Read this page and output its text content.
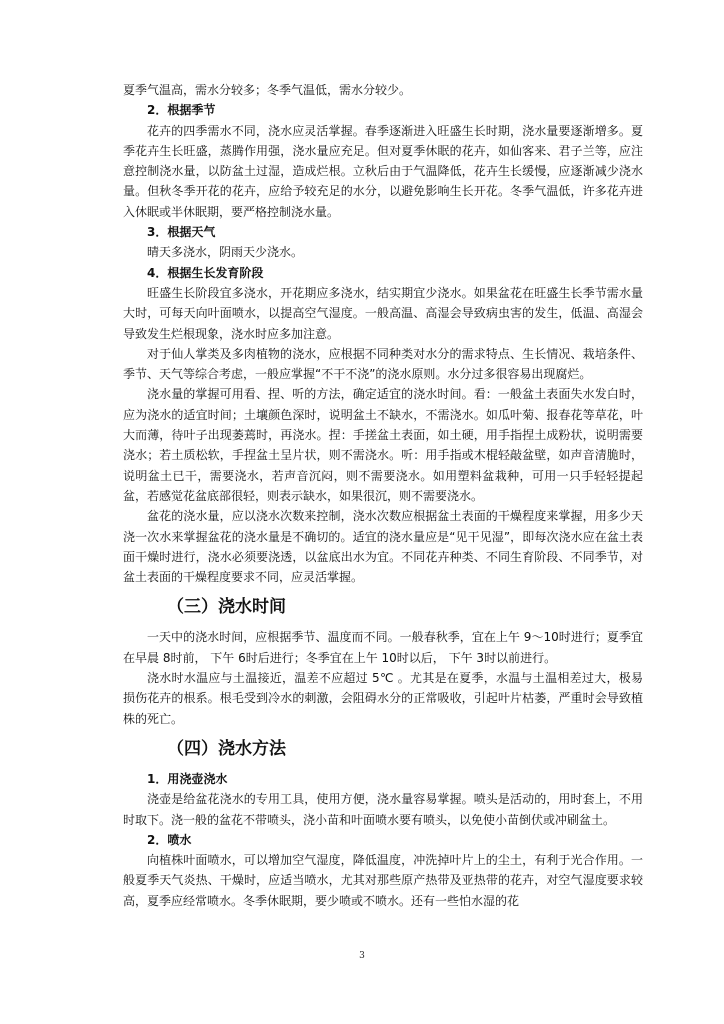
夏季气温高，需水分较多；冬季气温低，需水分较少。

2．根据季节

花卉的四季需水不同，浇水应灵活掌握。春季逐渐进入旺盛生长时期，浇水量要逐渐增多。夏季花卉生长旺盛，蒸腾作用强，浇水量应充足。但对夏季休眠的花卉，如仙客来、君子兰等，应注意控制浇水量，以防盆土过湿，造成烂根。立秋后由于气温降低，花卉生长缓慢，应逐渐减少浇水量。但秋冬季开花的花卉，应给予较充足的水分，以避免影响生长开花。冬季气温低，许多花卉进入休眠或半休眠期，要严格控制浇水量。

3．根据天气

晴天多浇水，阴雨天少浇水。

4．根据生长发育阶段

旺盛生长阶段宜多浇水，开花期应多浇水，结实期宜少浇水。如果盆花在旺盛生长季节需水量大时，可每天向叶面喷水，以提高空气湿度。一般高温、高湿会导致病虫害的发生，低温、高湿会导致发生烂根现象，浇水时应多加注意。

对于仙人掌类及多肉植物的浇水，应根据不同种类对水分的需求特点、生长情况、栽培条件、季节、天气等综合考虑，一般应掌握“不干不浇”的浇水原则。水分过多很容易出现腐烂。

浇水量的掌握可用看、捏、听的方法，确定适宜的浇水时间。看：一般盆土表面失水发白时，应为浇水的适宜时间；土壤颜色深时，说明盆土不缺水，不需浇水。如瓜叶菊、报春花等草花，叶大而薄，待叶子出现萎蔫时，再浇水。捏：手搓盆土表面，如土硬，用手指捏土成粉状，说明需要浇水；若土质松软，手捏盆土呈片状，则不需浇水。听：用手指或木棍轻敲盆壁，如声音清脆时，说明盆土已干，需要浇水，若声音沉闷，则不需要浇水。如用塑料盆栽种，可用一只手轻轻提起盆，若感觉花盆底部很轻，则表示缺水，如果很沉，则不需要浇水。

盆花的浇水量，应以浇水次数来控制，浇水次数应根据盆土表面的干燥程度来掌握，用多少天浇一次水来掌握盆花的浇水量是不确切的。适宜的浇水量应是“见干见湿”，即每次浇水应在盆土表面干燥时进行，浇水必须要浇透，以盆底出水为宜。不同花卉种类、不同生育阶段、不同季节，对盆土表面的干燥程度要求不同，应灵活掌握。

（三）浇水时间

一天中的浇水时间，应根据季节、温度而不同。一般春秋季，宜在上午 9～10时进行；夏季宜在早晨 8时前， 下午 6时后进行；冬季宜在上午 10时以后， 下午 3时以前进行。

浇水时水温应与土温接近，温差不应超过 5℃ 。尤其是在夏季，水温与土温相差过大，极易损伤花卉的根系。根毛受到冷水的刺激，会阻碍水分的正常吸收，引起叶片枯萎，严重时会导致植株的死亡。

（四）浇水方法

1．用浇壶浇水

浇壶是给盆花浇水的专用工具，使用方便，浇水量容易掌握。喷头是活动的，用时套上，不用时取下。浇一般的盆花不带喷头，浇小苗和叶面喷水要有喷头，以免使小苗倒伏或冲刷盆土。

2．喷水

向植株叶面喷水，可以增加空气湿度，降低温度，冲洗掉叶片上的尘土，有利于光合作用。一般夏季天气炎热、干燥时，应适当喷水，尤其对那些原产热带及亚热带的花卉，对空气湿度要求较高，夏季应经常喷水。冬季休眠期，要少喷或不喷水。还有一些怕水湿的花

3
